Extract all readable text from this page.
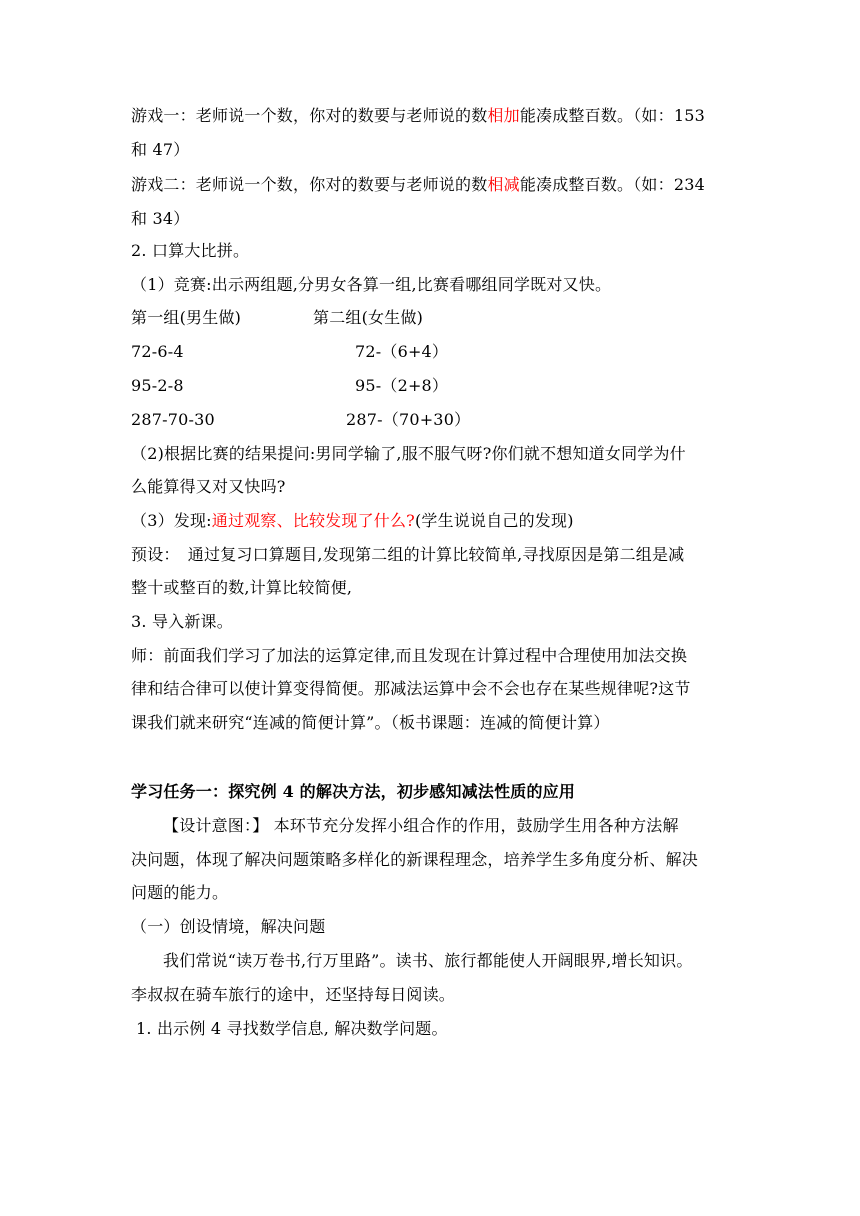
游戏一：老师说一个数，你对的数要与老师说的数相加能凑成整百数。（如：153
和 47）
游戏二：老师说一个数，你对的数要与老师说的数相减能凑成整百数。（如：234
和 34）
2. 口算大比拼。
（1）竞赛:出示两组题,分男女各算一组,比赛看哪组同学既对又快。
第一组(男生做)	第二组(女生做)
72-6-4	72-（6+4）
95-2-8	95-（2+8）
287-70-30	287-（70+30）
（2)根据比赛的结果提问:男同学输了,服不服气呀?你们就不想知道女同学为什
么能算得又对又快吗?
（3）发现:通过观察、比较发现了什么?(学生说说自己的发现)
预设：　通过复习口算题目,发现第二组的计算比较简单,寻找原因是第二组是减
整十或整百的数,计算比较简便,
3. 导入新课。
师：前面我们学习了加法的运算定律,而且发现在计算过程中合理使用加法交换
律和结合律可以使计算变得简便。那减法运算中会不会也存在某些规律呢?这节
课我们就来研究“连减的简便计算”。（板书课题：连减的简便计算）
学习任务一：探究例 4 的解决方法，初步感知减法性质的应用
【设计意图：】 本环节充分发挥小组合作的作用，鼓励学生用各种方法解
决问题，体现了解决问题策略多样化的新课程理念，培养学生多角度分析、解决
问题的能力。
（一）创设情境，解决问题
我们常说“读万卷书,行万里路”。读书、旅行都能使人开阔眼界,增长知识。
李叔叔在骑车旅行的途中，还坚持每日阅读。
1. 出示例 4 寻找数学信息, 解决数学问题。
